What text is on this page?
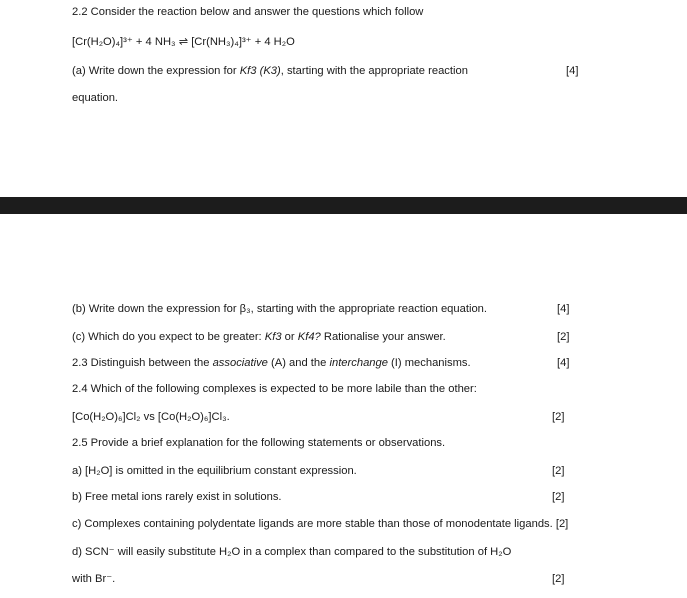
2.2 Consider the reaction below and answer the questions which follow
[Cr(H₂O)₄]³⁺ + 4 NH₃ ⇌ [Cr(NH₃)₄]³⁺ + 4 H₂O
(a) Write down the expression for Kf3 (K3), starting with the appropriate reaction	[4]
equation.
(b) Write down the expression for β₃, starting with the appropriate reaction equation.	[4]
(c) Which do you expect to be greater: Kf3 or Kf4? Rationalise your answer.	[2]
2.3 Distinguish between the associative (A) and the interchange (I) mechanisms.	[4]
2.4 Which of the following complexes is expected to be more labile than the other:
[Co(H₂O)₆]Cl₂ vs [Co(H₂O)₆]Cl₃.	[2]
2.5 Provide a brief explanation for the following statements or observations.
a) [H₂O] is omitted in the equilibrium constant expression.	[2]
b) Free metal ions rarely exist in solutions.	[2]
c) Complexes containing polydentate ligands are more stable than those of monodentate ligands. [2]
d) SCN⁻ will easily substitute H₂O in a complex than compared to the substitution of H₂O
with Br⁻.	[2]
